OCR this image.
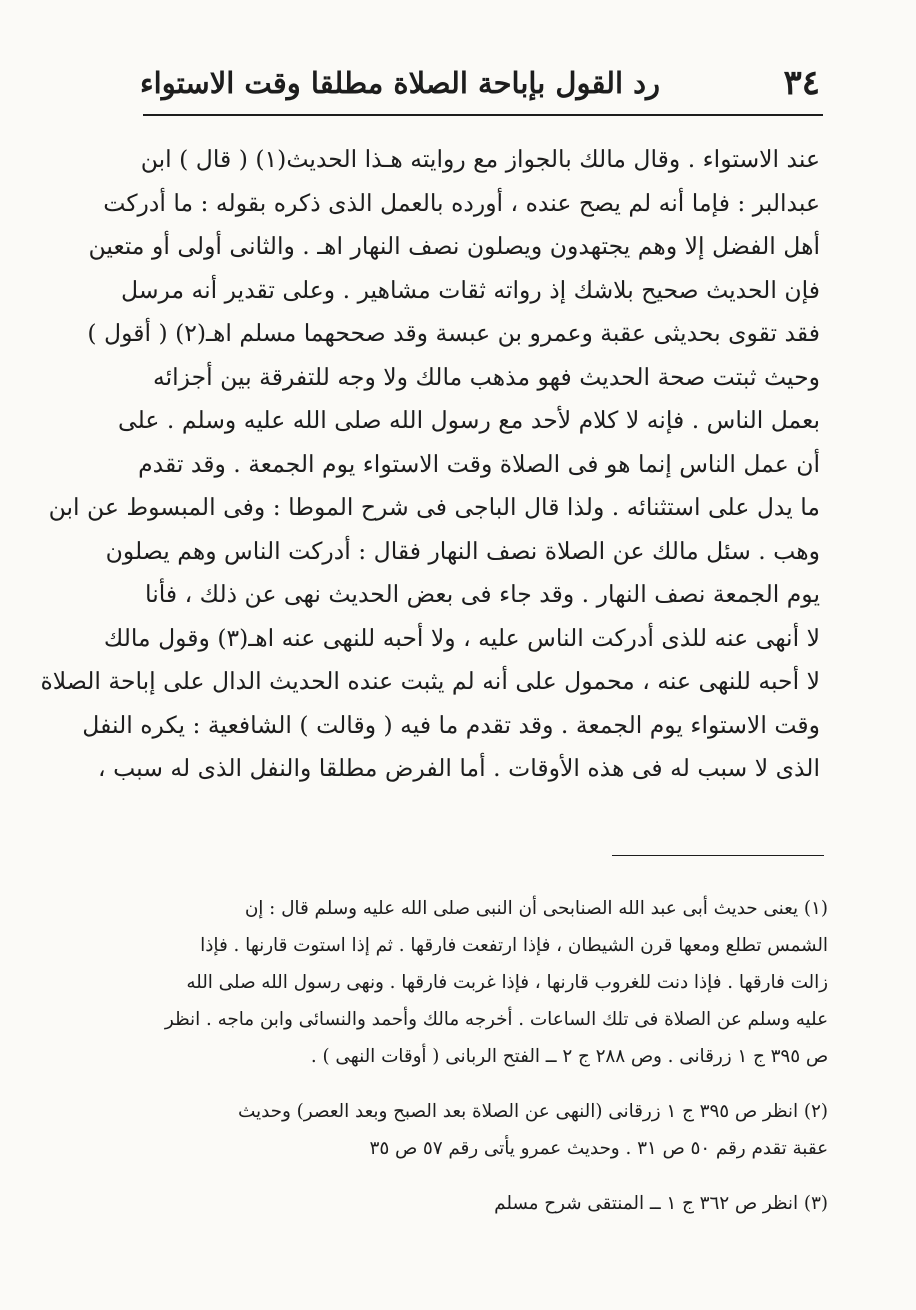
٣٤
رد القول بإباحة الصلاة مطلقا وقت الاستواء
عند الاستواء . وقال مالك بالجواز مع روايته هـذا الحديث(١) ( قال ) ابن
عبدالبر : فإما أنه لم يصح عنده ، أورده بالعمل الذى ذكره بقوله : ما أدركت
أهل الفضل إلا وهم يجتهدون ويصلون نصف النهار اهـ . والثانى أولى أو متعين
فإن الحديث صحيح بلاشك إذ رواته ثقات مشاهير . وعلى تقدير أنه مرسل
فقد تقوى بحديثى عقبة وعمرو بن عبسة وقد صححهما مسلم اهـ(٢) ( أقول )
وحيث ثبتت صحة الحديث فهو مذهب مالك ولا وجه للتفرقة بين أجزائه
بعمل الناس . فإنه لا كلام لأحد مع رسول الله صلى الله عليه وسلم . على
أن عمل الناس إنما هو فى الصلاة وقت الاستواء يوم الجمعة . وقد تقدم
ما يدل على استثنائه . ولذا قال الباجى فى شرح الموطا : وفى المبسوط عن ابن
وهب . سئل مالك عن الصلاة نصف النهار فقال : أدركت الناس وهم يصلون
يوم الجمعة نصف النهار . وقد جاء فى بعض الحديث نهى عن ذلك ، فأنا
لا أنهى عنه للذى أدركت الناس عليه ، ولا أحبه للنهى عنه اهـ(٣) وقول مالك
لا أحبه للنهى عنه ، محمول على أنه لم يثبت عنده الحديث الدال على إباحة الصلاة
وقت الاستواء يوم الجمعة . وقد تقدم ما فيه ( وقالت ) الشافعية : يكره النفل
الذى لا سبب له فى هذه الأوقات . أما الفرض مطلقا والنفل الذى له سبب ،
(١) يعنى حديث أبى عبد الله الصنابحى أن النبى صلى الله عليه وسلم قال : إن
الشمس تطلع ومعها قرن الشيطان ، فإذا ارتفعت فارقها . ثم إذا استوت قارنها . فإذا
زالت فارقها . فإذا دنت للغروب قارنها ، فإذا غربت فارقها . ونهى رسول الله صلى الله
عليه وسلم عن الصلاة فى تلك الساعات . أخرجه مالك وأحمد والنسائى وابن ماجه . انظر
ص ٣٩٥ ج ١ زرقانى . وص ٢٨٨ ج ٢ ــ الفتح الربانى ( أوقات النهى ) .
(٢) انظر ص ٣٩٥ ج ١ زرقانى (النهى عن الصلاة بعد الصبح وبعد العصر) وحديث
عقبة تقدم رقم ٥٠ ص ٣١ . وحديث عمرو يأتى رقم ٥٧ ص ٣٥
(٣) انظر ص ٣٦٢ ج ١ ــ المنتقى شرح مسلم
